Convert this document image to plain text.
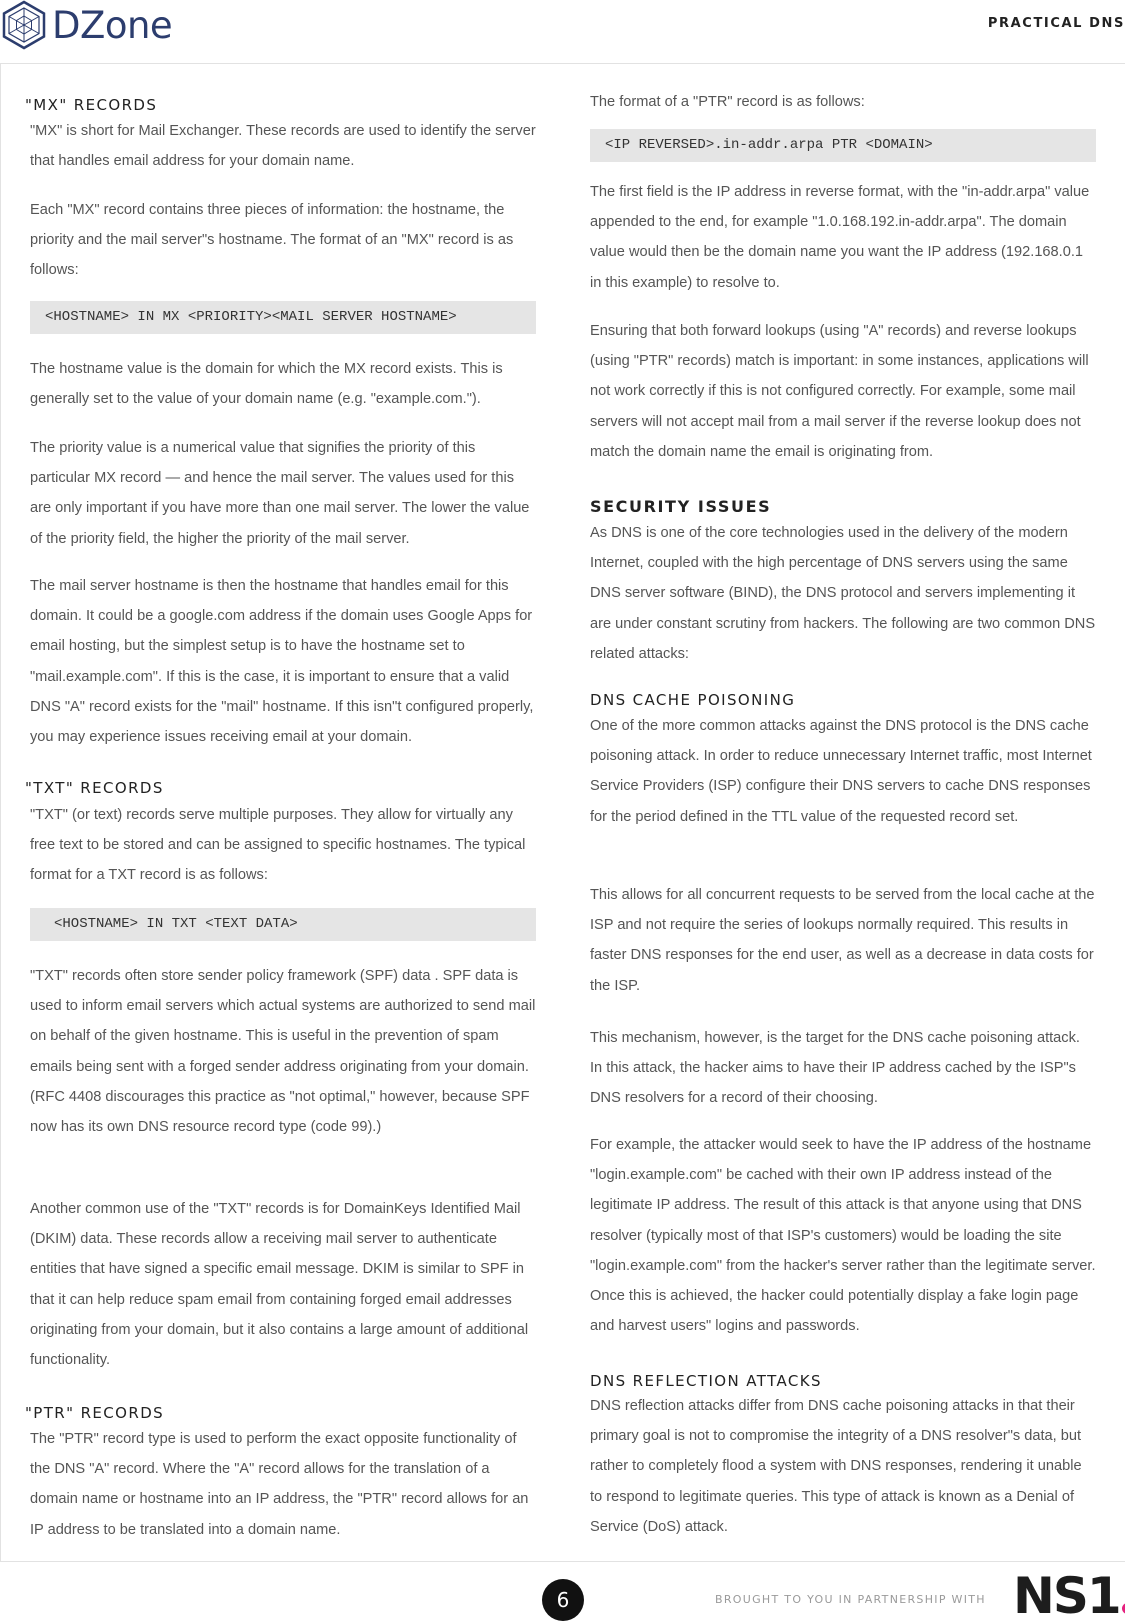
DZone	PRACTICAL DNS
"MX" RECORDS
"MX" is short for Mail Exchanger. These records are used to identify the server that handles email address for your domain name.
Each "MX" record contains three pieces of information: the hostname, the priority and the mail server"s hostname. The format of an "MX" record is as follows:
<HOSTNAME> IN MX <PRIORITY><MAIL SERVER HOSTNAME>
The hostname value is the domain for which the MX record exists. This is generally set to the value of your domain name (e.g. "example.com.").
The priority value is a numerical value that signifies the priority of this particular MX record — and hence the mail server. The values used for this are only important if you have more than one mail server. The lower the value of the priority field, the higher the priority of the mail server.
The mail server hostname is then the hostname that handles email for this domain. It could be a google.com address if the domain uses Google Apps for email hosting, but the simplest setup is to have the hostname set to "mail.example.com". If this is the case, it is important to ensure that a valid DNS "A" record exists for the "mail" hostname. If this isn"t configured properly, you may experience issues receiving email at your domain.
"TXT" RECORDS
"TXT" (or text) records serve multiple purposes. They allow for virtually any free text to be stored and can be assigned to specific hostnames. The typical format for a TXT record is as follows:
<HOSTNAME> IN TXT <TEXT DATA>
"TXT" records often store sender policy framework (SPF) data . SPF data is used to inform email servers which actual systems are authorized to send mail on behalf of the given hostname. This is useful in the prevention of spam emails being sent with a forged sender address originating from your domain. (RFC 4408 discourages this practice as "not optimal," however, because SPF now has its own DNS resource record type (code 99).)
Another common use of the "TXT" records is for DomainKeys Identified Mail (DKIM) data. These records allow a receiving mail server to authenticate entities that have signed a specific email message. DKIM is similar to SPF in that it can help reduce spam email from containing forged email addresses originating from your domain, but it also contains a large amount of additional functionality.
"PTR" RECORDS
The "PTR" record type is used to perform the exact opposite functionality of the DNS "A" record. Where the "A" record allows for the translation of a domain name or hostname into an IP address, the "PTR" record allows for an IP address to be translated into a domain name.
The format of a "PTR" record is as follows:
<IP REVERSED>.in-addr.arpa PTR <DOMAIN>
The first field is the IP address in reverse format, with the "in-addr.arpa" value appended to the end, for example "1.0.168.192.in-addr.arpa". The domain value would then be the domain name you want the IP address (192.168.0.1 in this example) to resolve to.
Ensuring that both forward lookups (using "A" records) and reverse lookups (using "PTR" records) match is important: in some instances, applications will not work correctly if this is not configured correctly. For example, some mail servers will not accept mail from a mail server if the reverse lookup does not match the domain name the email is originating from.
SECURITY ISSUES
As DNS is one of the core technologies used in the delivery of the modern Internet, coupled with the high percentage of DNS servers using the same DNS server software (BIND), the DNS protocol and servers implementing it are under constant scrutiny from hackers. The following are two common DNS related attacks:
DNS CACHE POISONING
One of the more common attacks against the DNS protocol is the DNS cache poisoning attack. In order to reduce unnecessary Internet traffic, most Internet Service Providers (ISP) configure their DNS servers to cache DNS responses for the period defined in the TTL value of the requested record set.
This allows for all concurrent requests to be served from the local cache at the ISP and not require the series of lookups normally required. This results in faster DNS responses for the end user, as well as a decrease in data costs for the ISP.
This mechanism, however, is the target for the DNS cache poisoning attack. In this attack, the hacker aims to have their IP address cached by the ISP"s DNS resolvers for a record of their choosing.
For example, the attacker would seek to have the IP address of the hostname "login.example.com" be cached with their own IP address instead of the legitimate IP address. The result of this attack is that anyone using that DNS resolver (typically most of that ISP's customers) would be loading the site "login.example.com" from the hacker's server rather than the legitimate server. Once this is achieved, the hacker could potentially display a fake login page and harvest users" logins and passwords.
DNS REFLECTION ATTACKS
DNS reflection attacks differ from DNS cache poisoning attacks in that their primary goal is not to compromise the integrity of a DNS resolver"s data, but rather to completely flood a system with DNS responses, rendering it unable to respond to legitimate queries. This type of attack is known as a Denial of Service (DoS) attack.
6	BROUGHT TO YOU IN PARTNERSHIP WITH NS1
